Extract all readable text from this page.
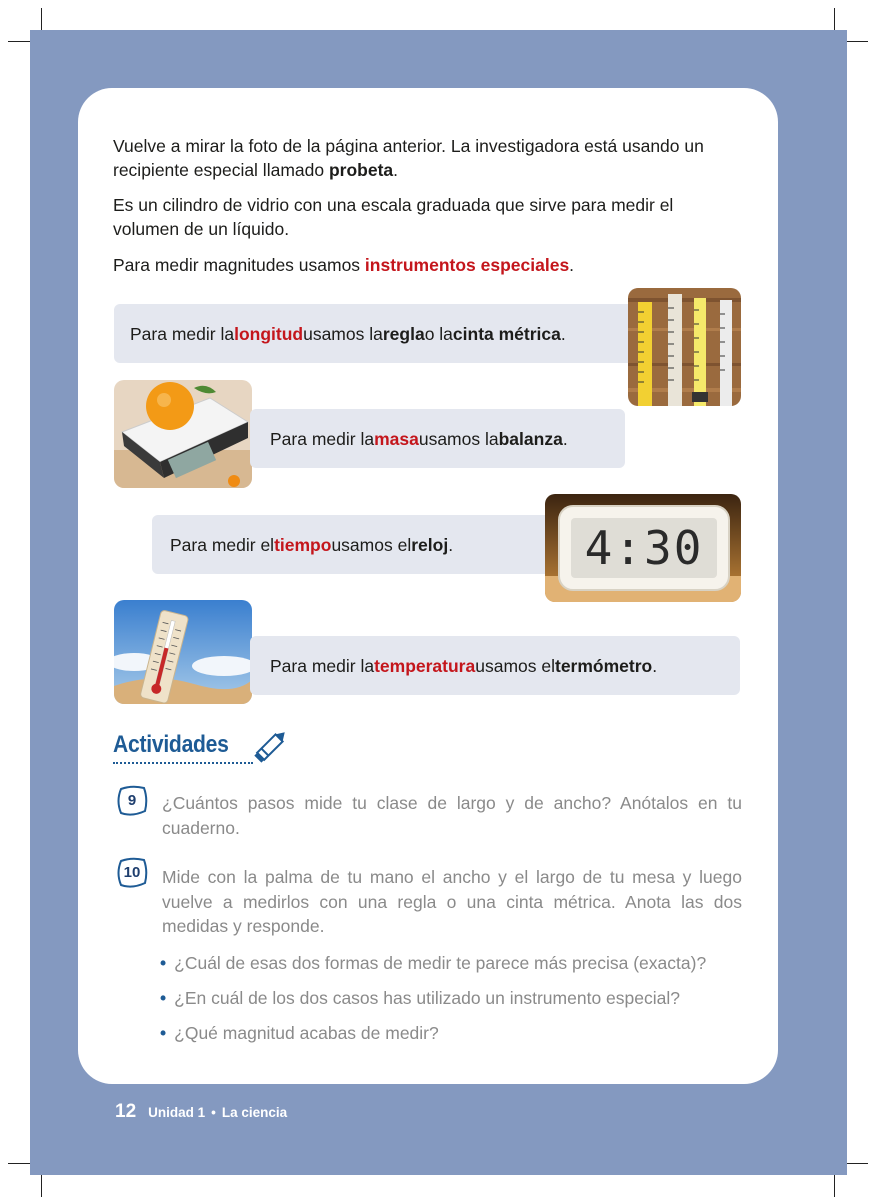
Vuelve a mirar la foto de la página anterior. La investigadora está usando un recipiente especial llamado probeta.

Es un cilindro de vidrio con una escala graduada que sirve para medir el volumen de un líquido.

Para medir magnitudes usamos instrumentos especiales.

Para medir la longitud usamos la regla o la cinta métrica .
Para medir la masa usamos la balanza .
Para medir el tiempo usamos el reloj .	4:30
Para medir la temperatura usamos el termómetro .
Actividades
9	¿Cuántos pasos mide tu clase de largo y de ancho? Anótalos en tu cuaderno.

10	Mide con la palma de tu mano el ancho y el largo de tu mesa y luego vuelve a medirlos con una regla o una cinta métrica. Anota las dos medidas y responde.

• ¿Cuál de esas dos formas de medir te parece más precisa (exacta)?
• ¿En cuál de los dos casos has utilizado un instrumento especial?
• ¿Qué magnitud acabas de medir?
12 Unidad 1 • La ciencia
